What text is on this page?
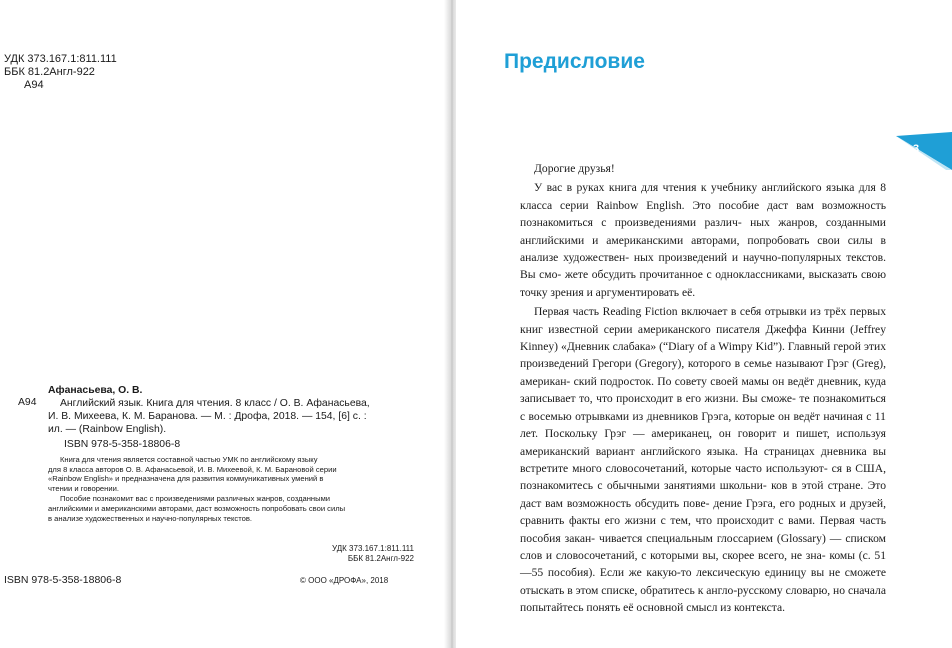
УДК 373.167.1:811.111
ББК 81.2Англ-922
А94
А94
Афанасьева, О. В.
Английский язык. Книга для чтения. 8 класс / О. В. Афанасьева,
И. В. Михеева, К. М. Баранова. — М. : Дрофа, 2018. — 154, [6] с. :
ил. — (Rainbow English).
ISBN 978-5-358-18806-8

Книга для чтения является составной частью УМК по английскому языку

для 8 класса авторов О. В. Афанасьевой, И. В. Михеевой, К. М. Барановой серии
«Rainbow English» и предназначена для развития коммуникативных умений в
чтении и говорении.

Пособие познакомит вас с произведениями различных жанров, созданными

английскими и американскими авторами, даст возможность попробовать свои силы
в анализе художественных и научно-популярных текстов.
УДК 373.167.1:811.111
ББК 81.2Англ-922
ISBN 978-5-358-18806-8	© ООО «ДРОФА», 2018
Предисловие
3

Дорогие друзья!

У вас в руках книга для чтения к учебнику английского языка для 8 класса серии Rainbow English. Это пособие даст вам возможность познакомиться с произведениями различ- ных жанров, созданными английскими и американскими авторами, попробовать свои силы в анализе художествен- ных произведений и научно-популярных текстов. Вы смо- жете обсудить прочитанное с одноклассниками, высказать свою точку зрения и аргументировать её.

Первая часть Reading Fiction включает в себя отрывки из трёх первых книг известной серии американского писателя Джеффа Кинни (Jeffrey Kinney) «Дневник слабака» (“Diary of a Wimpy Kid”). Главный герой этих произведений Грегори (Gregory), которого в семье называют Грэг (Greg), американ- ский подросток. По совету своей мамы он ведёт дневник, куда записывает то, что происходит в его жизни. Вы сможе- те познакомиться с восемью отрывками из дневников Грэга, которые он ведёт начиная с 11 лет. Поскольку Грэг — американец, он говорит и пишет, используя американский вариант английского языка. На страницах дневника вы встретите много словосочетаний, которые часто используют- ся в США, познакомитесь с обычными занятиями школьни- ков в этой стране. Это даст вам возможность обсудить пове- дение Грэга, его родных и друзей, сравнить факты его жизни с тем, что происходит с вами. Первая часть пособия закан- чивается специальным глоссарием (Glossary) — списком слов и словосочетаний, с которыми вы, скорее всего, не зна- комы (с. 51—55 пособия). Если же какую-то лексическую единицу вы не сможете отыскать в этом списке, обратитесь к англо-русскому словарю, но сначала попытайтесь понять её основной смысл из контекста.
